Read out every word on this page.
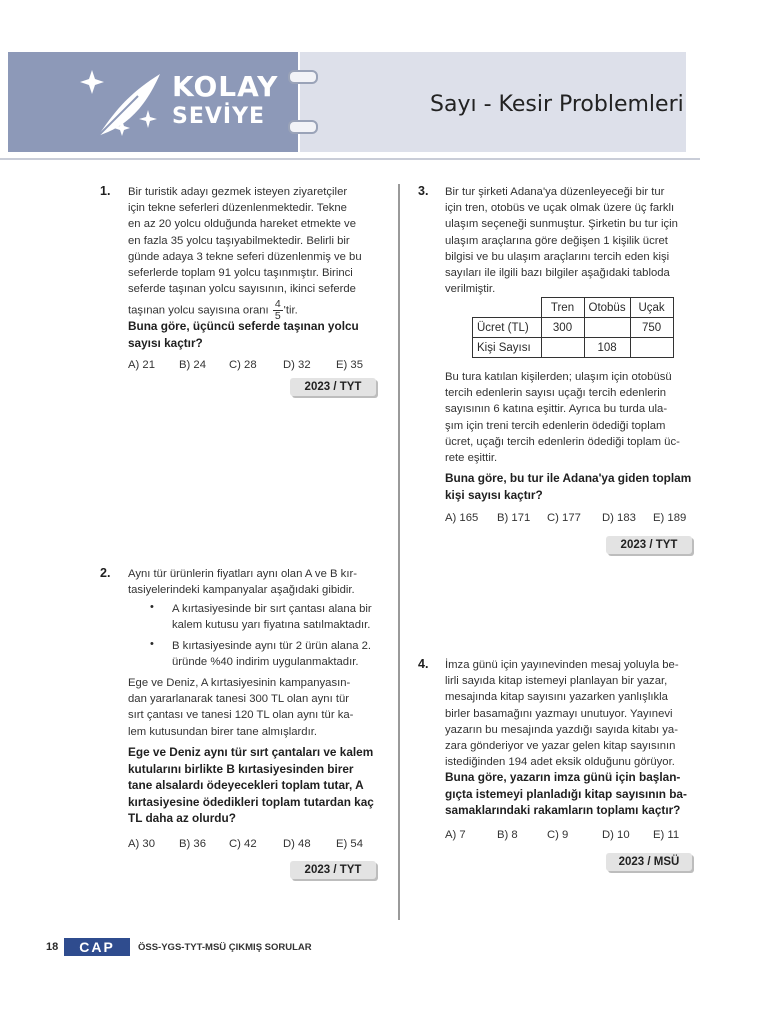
KOLAY
SEVİYE	Sayı - Kesir Problemleri
1. Bir turistik adayı gezmek isteyen ziyaretçiler
için tekne seferleri düzenlenmektedir. Tekne
en az 20 yolcu olduğunda hareket etmekte ve
en fazla 35 yolcu taşıyabilmektedir. Belirli bir
günde adaya 3 tekne seferi düzenlenmiş ve bu
seferlerde toplam 91 yolcu taşınmıştır. Birinci
seferde taşınan yolcu sayısının, ikinci seferde
taşınan yolcu sayısına oranı $\frac{4}{5}$ 'tir.
Buna göre, üçüncü seferde taşınan yolcu
sayısı kaçtır?
A) 21 B) 24 C) 28 D) 32 E) 35
2023 / TYT
2. Aynı tür ürünlerin fiyatları aynı olan A ve B kır-
tasiyelerindeki kampanyalar aşağıdaki gibidir.
• A kırtasiyesinde bir sırt çantası alana bir
kalem kutusu yarı fiyatına satılmaktadır.
• B kırtasiyesinde aynı tür 2 ürün alana 2.
üründe %40 indirim uygulanmaktadır.
Ege ve Deniz, A kırtasiyesinin kampanyasın-
dan yararlanarak tanesi 300 TL olan aynı tür
sırt çantası ve tanesi 120 TL olan aynı tür ka-
lem kutusundan birer tane almışlardır.
Ege ve Deniz aynı tür sırt çantaları ve kalem
kutularını birlikte B kırtasiyesinden birer
tane alsalardı ödeyecekleri toplam tutar, A
kırtasiyesine ödedikleri toplam tutardan kaç
TL daha az olurdu?
A) 30 B) 36 C) 42 D) 48 E) 54
2023 / TYT
3. Bir tur şirketi Adana'ya düzenleyeceği bir tur
için tren, otobüs ve uçak olmak üzere üç farklı
ulaşım seçeneği sunmuştur. Şirketin bu tur için
ulaşım araçlarına göre değişen 1 kişilik ücret
bilgisi ve bu ulaşım araçlarını tercih eden kişi
sayıları ile ilgili bazı bilgiler aşağıdaki tabloda
verilmiştir.
	Tren	Otobüs	Uçak
Ücret (TL)	300		750
Kişi Sayısı		108	
Bu tura katılan kişilerden; ulaşım için otobüsü
tercih edenlerin sayısı uçağı tercih edenlerin
sayısının 6 katına eşittir. Ayrıca bu turda ula-
şım için treni tercih edenlerin ödediği toplam
ücret, uçağı tercih edenlerin ödediği toplam üc-
rete eşittir.
Buna göre, bu tur ile Adana'ya giden toplam
kişi sayısı kaçtır?
A) 165 B) 171 C) 177 D) 183 E) 189
2023 / TYT
4. İmza günü için yayınevinden mesaj yoluyla be-
lirli sayıda kitap istemeyi planlayan bir yazar,
mesajında kitap sayısını yazarken yanlışlıkla
birler basamağını yazmayı unutuyor. Yayınevi
yazarın bu mesajında yazdığı sayıda kitabı ya-
zara gönderiyor ve yazar gelen kitap sayısının
istediğinden 194 adet eksik olduğunu görüyor.
Buna göre, yazarın imza günü için başlan-
gıçta istemeyi planladığı kitap sayısının ba-
samaklarındaki rakamların toplamı kaçtır?
A) 7	B) 8	C) 9	D) 10 E) 11
2023 / MSÜ
18	CAP	ÖSS-YGS-TYT-MSÜ ÇIKMIŞ SORULAR
